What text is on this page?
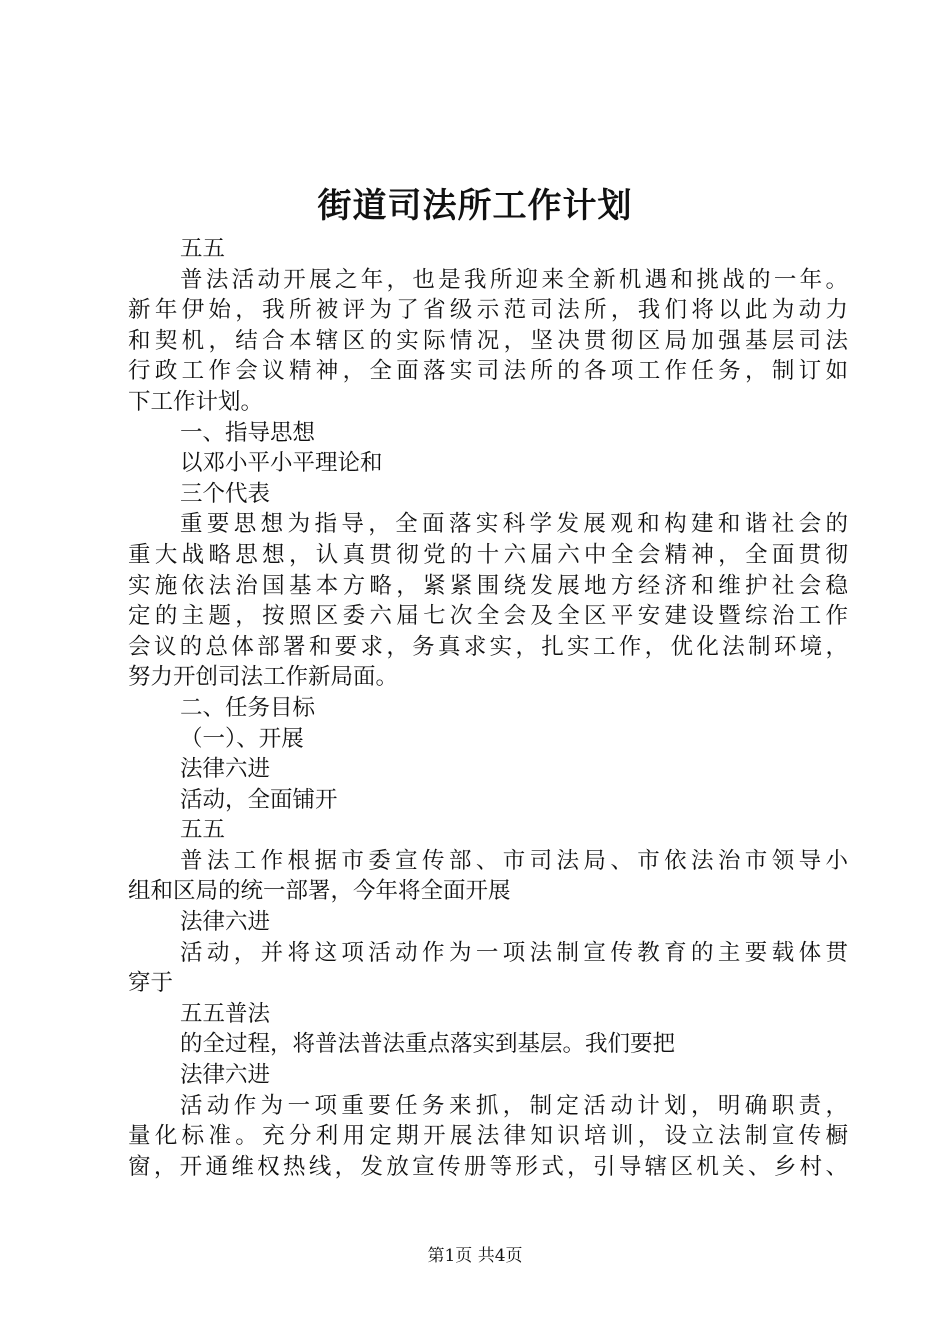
街道司法所工作计划

五五

普法活动开展之年，也是我所迎来全新机遇和挑战的一年。

新年伊始，我所被评为了省级示范司法所，我们将以此为动力

和契机，结合本辖区的实际情况，坚决贯彻区局加强基层司法

行政工作会议精神，全面落实司法所的各项工作任务，制订如

下工作计划。

一、指导思想

以邓小平小平理论和

三个代表

重要思想为指导，全面落实科学发展观和构建和谐社会的

重大战略思想，认真贯彻党的十六届六中全会精神，全面贯彻

实施依法治国基本方略，紧紧围绕发展地方经济和维护社会稳

定的主题，按照区委六届七次全会及全区平安建设暨综治工作

会议的总体部署和要求，务真求实，扎实工作，优化法制环境，

努力开创司法工作新局面。

二、任务目标

（一）、开展

法律六进

活动，全面铺开

五五

普法工作根据市委宣传部、市司法局、市依法治市领导小

组和区局的统一部署，今年将全面开展

法律六进

活动，并将这项活动作为一项法制宣传教育的主要载体贯

穿于

五五普法

的全过程，将普法普法重点落实到基层。我们要把

法律六进

活动作为一项重要任务来抓，制定活动计划，明确职责，

量化标准。充分利用定期开展法律知识培训，设立法制宣传橱

窗，开通维权热线，发放宣传册等形式，引导辖区机关、乡村、

第1页 共4页
